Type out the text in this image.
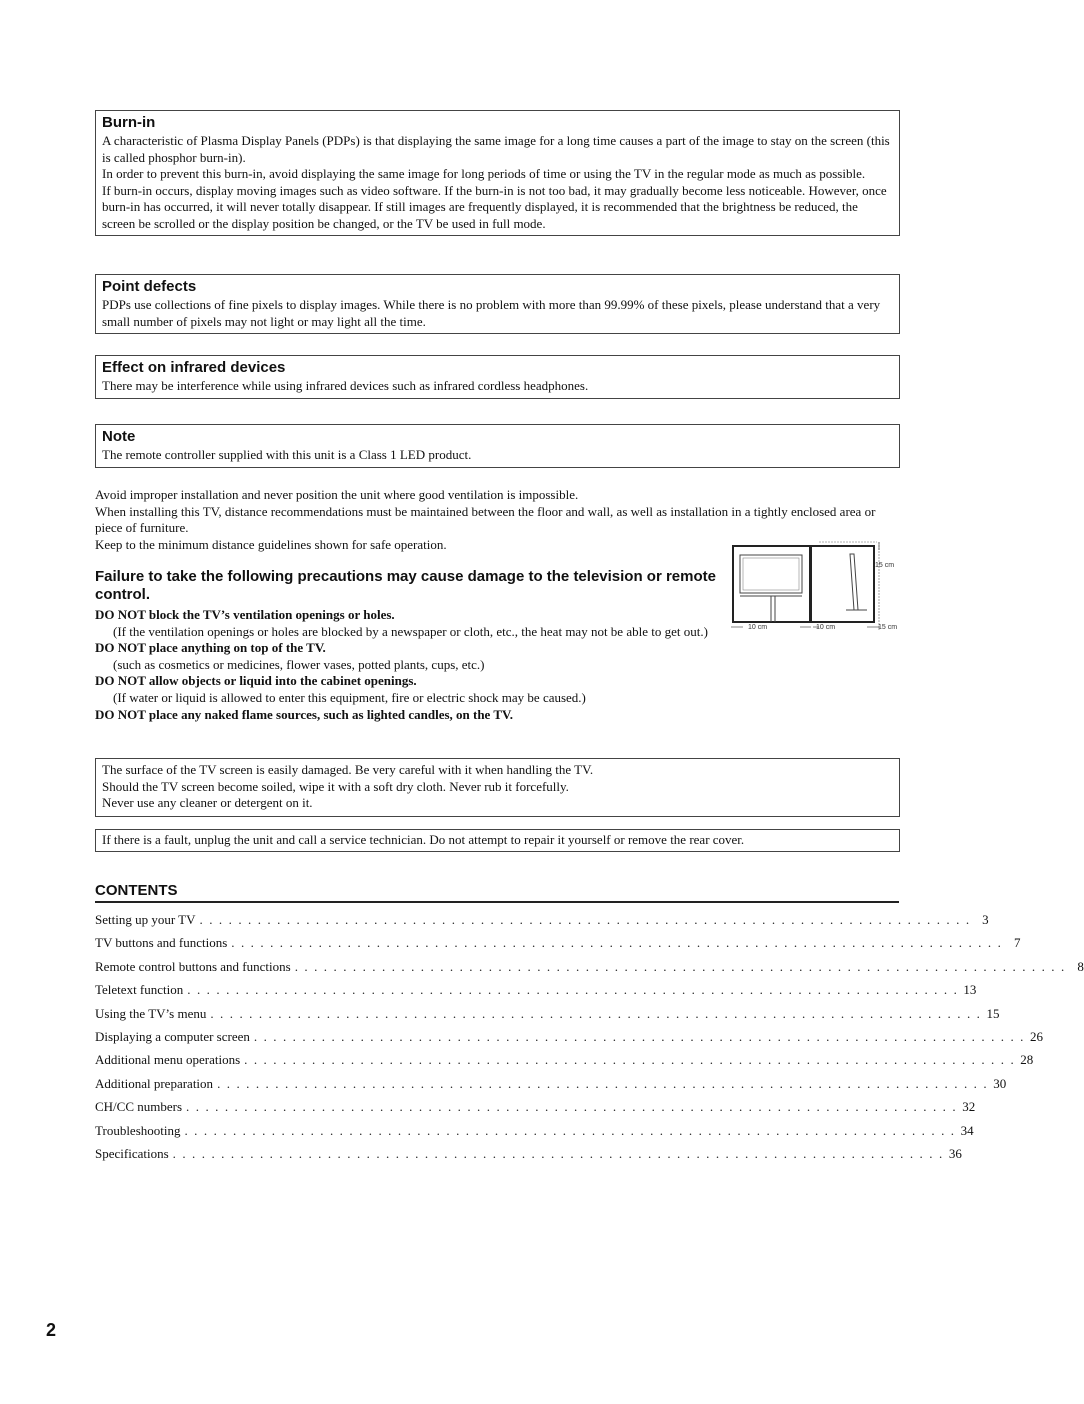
Burn-in

A characteristic of Plasma Display Panels (PDPs) is that displaying the same image for a long time causes a part of the image to stay on the screen (this is called phosphor burn-in).

In order to prevent this burn-in, avoid displaying the same image for long periods of time or using the TV in the regular mode as much as possible.

If burn-in occurs, display moving images such as video software. If the burn-in is not too bad, it may gradually become less noticeable. However, once burn-in has occurred, it will never totally disappear. If still images are frequently displayed, it is recommended that the brightness be reduced, the screen be scrolled or the display position be changed, or the TV be used in full mode.

Point defects

PDPs use collections of fine pixels to display images. While there is no problem with more than 99.99% of these pixels, please understand that a very small number of pixels may not light or may light all the time.

Effect on infrared devices

There may be interference while using infrared devices such as infrared cordless headphones.

Note

The remote controller supplied with this unit is a Class 1 LED product.

Avoid improper installation and never position the unit where good ventilation is impossible.

When installing this TV, distance recommendations must be maintained between the floor and wall, as well as installation in a tightly enclosed area or piece of furniture.

Keep to the minimum distance guidelines shown for safe operation.

10 cm	10 cm	15 cm
15 cm
Failure to take the following precautions may cause damage to the television or remote control.
DO NOT block the TV’s ventilation openings or holes.
(If the ventilation openings or holes are blocked by a newspaper or cloth, etc., the heat may not be able to get out.)
DO NOT place anything on top of the TV.
(such as cosmetics or medicines, flower vases, potted plants, cups, etc.)
DO NOT allow objects or liquid into the cabinet openings.
(If water or liquid is allowed to enter this equipment, fire or electric shock may be caused.)
DO NOT place any naked flame sources, such as lighted candles, on the TV.

The surface of the TV screen is easily damaged. Be very careful with it when handling the TV.

Should the TV screen become soiled, wipe it with a soft dry cloth. Never rub it forcefully.

Never use any cleaner or detergent on it.

If there is a fault, unplug the unit and call a service technician. Do not attempt to repair it yourself or remove the rear cover.

CONTENTS
Setting up your TV . . . . . . . . . . . . . . . . . . . . . . . . . . . . . . . . . . . . . . . . . . . . . . . . . . . . . . . . . . . . . . . . . . . . . . . . . . . . . . . . 3
TV buttons and functions . . . . . . . . . . . . . . . . . . . . . . . . . . . . . . . . . . . . . . . . . . . . . . . . . . . . . . . . . . . . . . . . . . . . . . . . . . . . . . . . 7
Remote control buttons and functions . . . . . . . . . . . . . . . . . . . . . . . . . . . . . . . . . . . . . . . . . . . . . . . . . . . . . . . . . . . . . . . . . . . . . . . . . . . . . . . . 8
Teletext function . . . . . . . . . . . . . . . . . . . . . . . . . . . . . . . . . . . . . . . . . . . . . . . . . . . . . . . . . . . . . . . . . . . . . . . . . . . . . . . . 13
Using the TV’s menu . . . . . . . . . . . . . . . . . . . . . . . . . . . . . . . . . . . . . . . . . . . . . . . . . . . . . . . . . . . . . . . . . . . . . . . . . . . . . . . . 15
Displaying a computer screen . . . . . . . . . . . . . . . . . . . . . . . . . . . . . . . . . . . . . . . . . . . . . . . . . . . . . . . . . . . . . . . . . . . . . . . . . . . . . . . . 26
Additional menu operations . . . . . . . . . . . . . . . . . . . . . . . . . . . . . . . . . . . . . . . . . . . . . . . . . . . . . . . . . . . . . . . . . . . . . . . . . . . . . . . . 28
Additional preparation . . . . . . . . . . . . . . . . . . . . . . . . . . . . . . . . . . . . . . . . . . . . . . . . . . . . . . . . . . . . . . . . . . . . . . . . . . . . . . . . 30
CH/CC numbers . . . . . . . . . . . . . . . . . . . . . . . . . . . . . . . . . . . . . . . . . . . . . . . . . . . . . . . . . . . . . . . . . . . . . . . . . . . . . . . . 32
Troubleshooting . . . . . . . . . . . . . . . . . . . . . . . . . . . . . . . . . . . . . . . . . . . . . . . . . . . . . . . . . . . . . . . . . . . . . . . . . . . . . . . . 34
Specifications . . . . . . . . . . . . . . . . . . . . . . . . . . . . . . . . . . . . . . . . . . . . . . . . . . . . . . . . . . . . . . . . . . . . . . . . . . . . . . . . 36
2
